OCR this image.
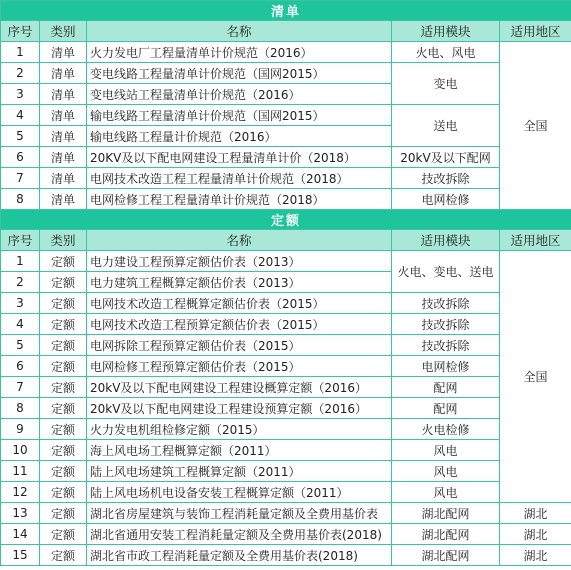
清单				
序号	类别	名称	适用模块	适用地区
1	清单	火力发电厂工程量清单计价规范（2016）	火电、风电	全国
2	清单	变电线路工程量清单计价规范（国网2015）	变电	
3	清单	变电线站工程量清单计价规范（2016）		
4	清单	输电线路工程量清单计价规范（国网2015）	送电	
5	清单	输电线路工程量计价规范（2016）		
6	清单	20KV及以下配电网建设工程量清单计价（2018）	20kV及以下配网	
7	清单	电网技术改造工程工程量清单计价规范（2018）	技改拆除	
8	清单	电网检修工程工程量清单计价规范（2018）	电网检修	
定额				
序号	类别	名称	适用模块	适用地区
1	定额	电力建设工程预算定额估价表（2013）	火电、变电、送电	全国
2	定额	电力建筑工程概算定额估价表（2013）		
3	定额	电网技术改造工程概算定额估价表（2015）	技改拆除	
4	定额	电网技术改造工程预算定额估价表（2015）	技改拆除	
5	定额	电网拆除工程预算定额估价表（2015）	技改拆除	
6	定额	电网检修工程预算定额估价表（2015）	电网检修	
7	定额	20kV及以下配电网建设工程建设概算定额（2016）	配网	
8	定额	20kV及以下配电网建设工程建设预算定额（2016）	配网	
9	定额	火力发电机组检修定额（2015）	火电检修	
10	定额	海上风电场工程概算定额（2011）	风电	
11	定额	陆上风电场建筑工程概算定额（2011）	风电	
12	定额	陆上风电场机电设备安装工程概算定额（2011）	风电	
13	定额	湖北省房屋建筑与装饰工程消耗量定额及全费用基价表	湖北配网	湖北
14	定额	湖北省通用安装工程消耗量定额及全费用基价表(2018)	湖北配网	湖北
15	定额	湖北省市政工程消耗量定额及全费用基价表(2018)	湖北配网	湖北
